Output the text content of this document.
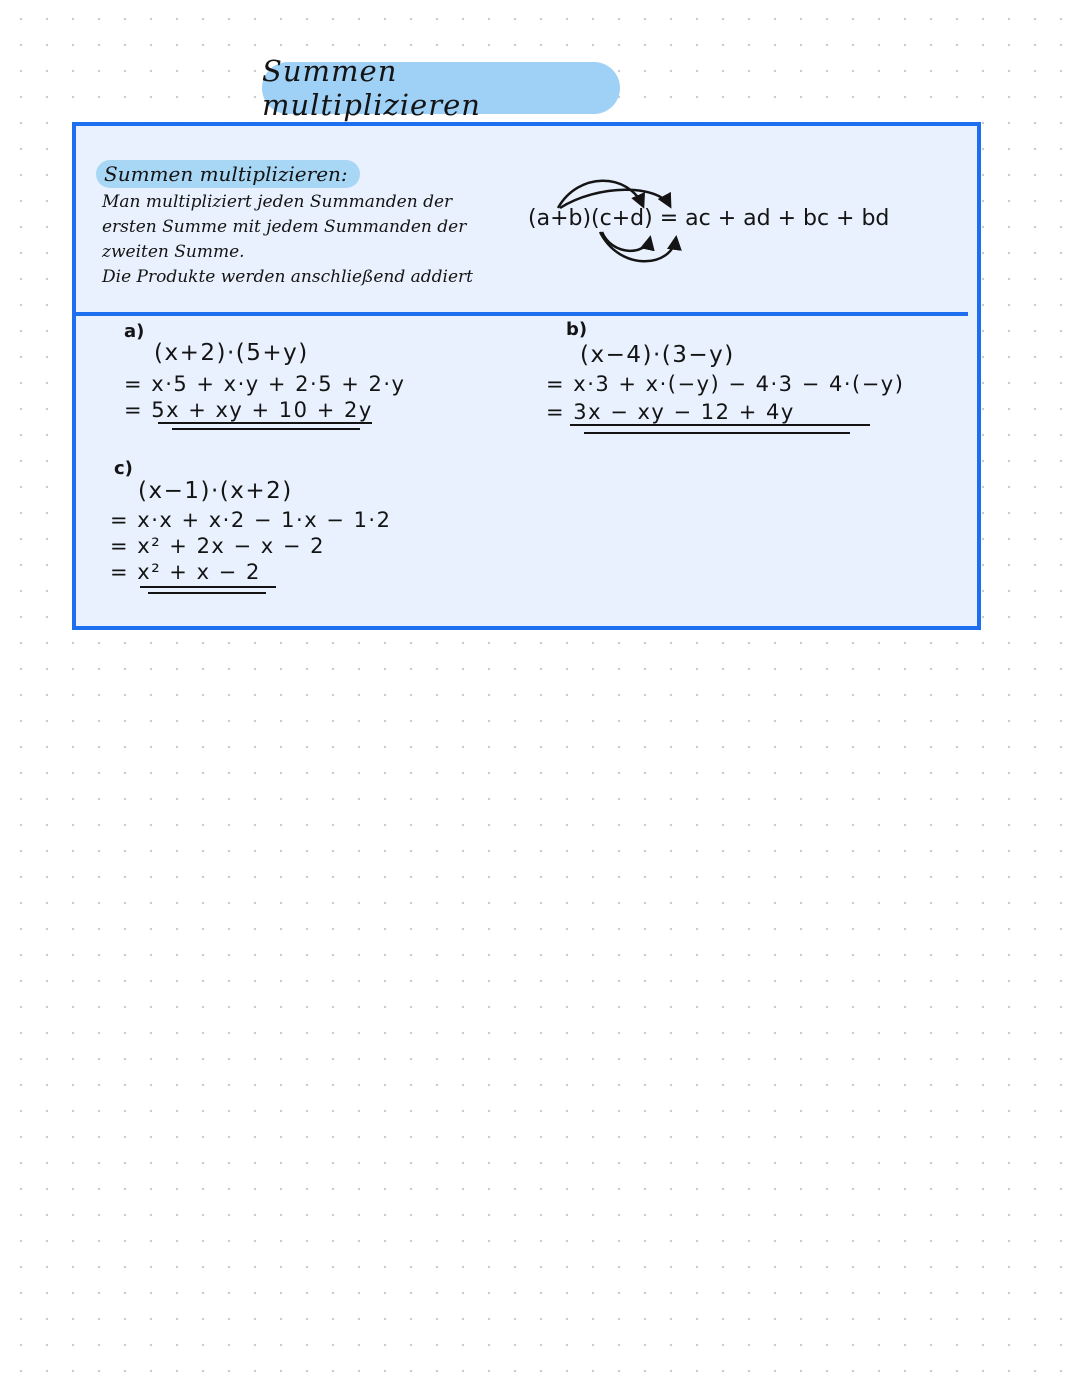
Summen multiplizieren
Summen multiplizieren:
Man multipliziert jeden Summanden der
ersten Summe mit jedem Summanden der
zweiten Summe.
Die Produkte werden anschließend addiert
(a+b)(c+d) = ac + ad + bc + bd
a)
(x+2)·(5+y)
= x·5 + x·y + 2·5 + 2·y
= 5x + xy + 10 + 2y
b)
(x−4)·(3−y)
= x·3 + x·(−y) − 4·3 − 4·(−y)
= 3x − xy − 12 + 4y
c)
(x−1)·(x+2)
= x·x + x·2 − 1·x − 1·2
= x² + 2x − x − 2
= x² + x − 2
